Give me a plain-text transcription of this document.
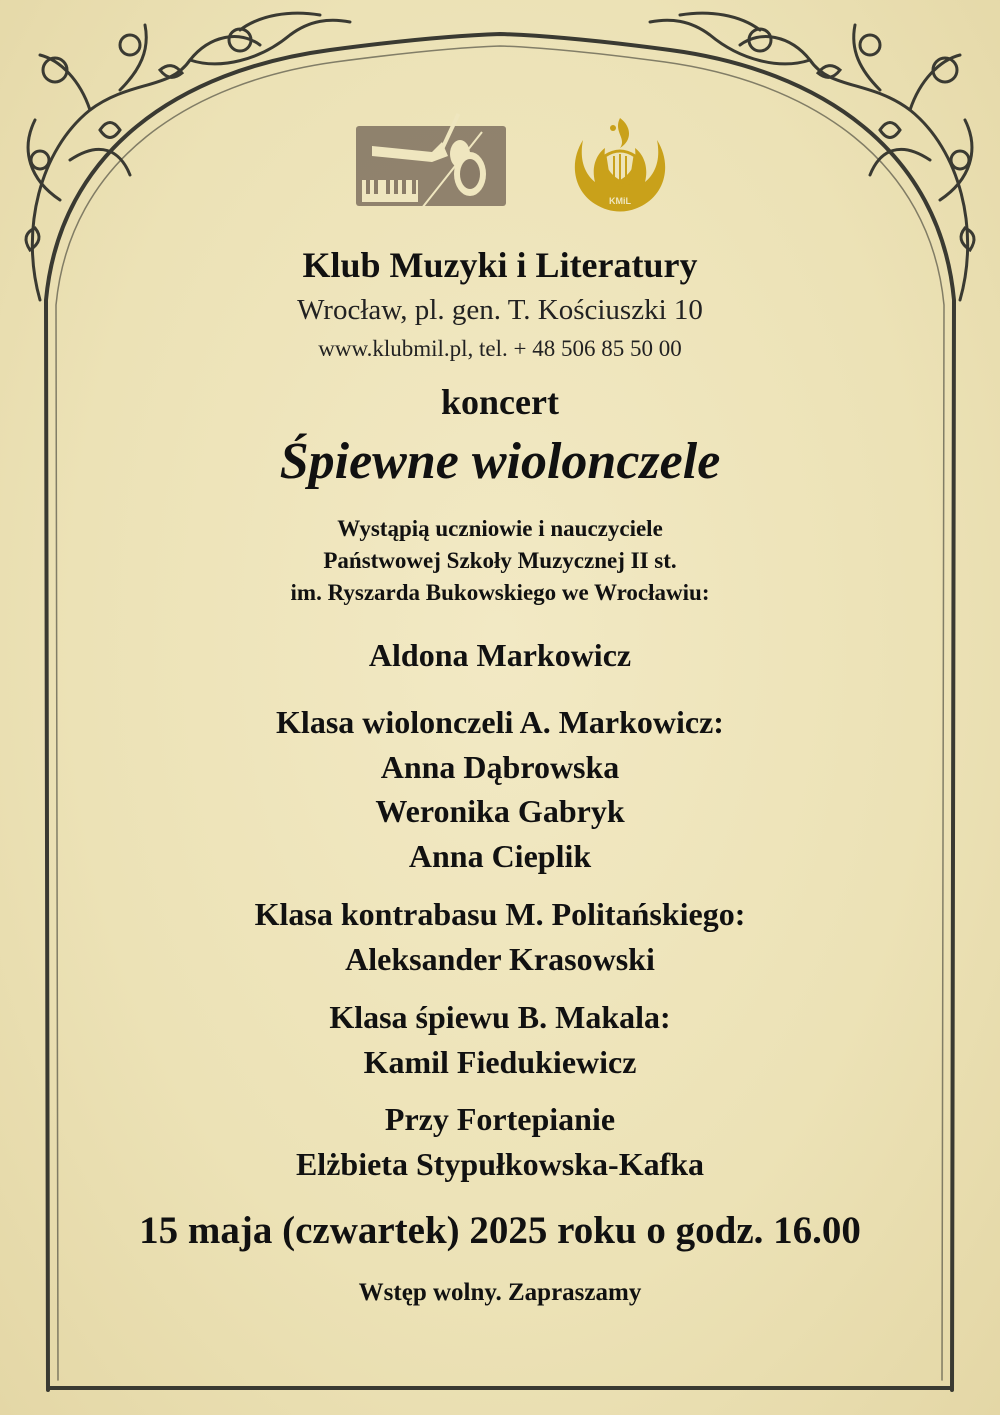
KMiL
Klub Muzyki i Literatury
Wrocław, pl. gen. T. Kościuszki 10
www.klubmil.pl, tel. + 48 506 85 50 00
koncert
Śpiewne wiolonczele
Wystąpią uczniowie i nauczyciele
Państwowej Szkoły Muzycznej II st.
im. Ryszarda Bukowskiego we Wrocławiu:
Aldona Markowicz
Klasa wiolonczeli A. Markowicz:
Anna Dąbrowska
Weronika Gabryk
Anna Cieplik
Klasa kontrabasu M. Politańskiego:
Aleksander Krasowski
Klasa śpiewu B. Makala:
Kamil Fiedukiewicz
Przy Fortepianie
Elżbieta Stypułkowska-Kafka
15 maja (czwartek) 2025 roku o godz. 16.00
Wstęp wolny. Zapraszamy
